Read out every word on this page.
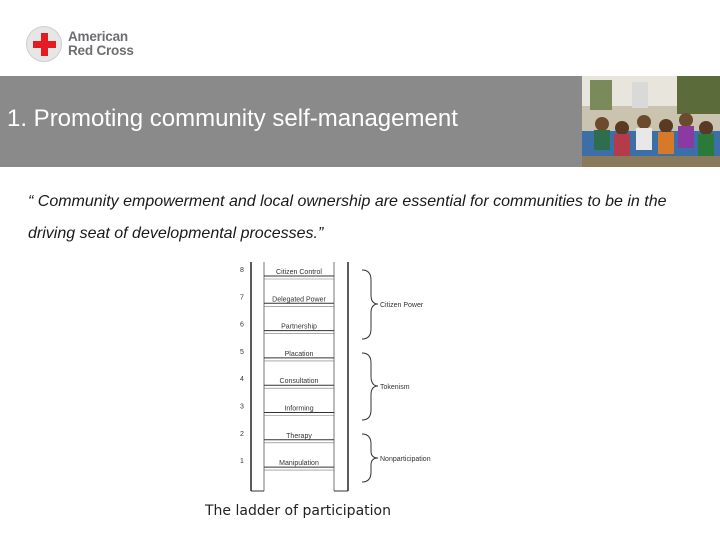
American
Red Cross
1. Promoting community self-management
“ Community empowerment and local ownership are essential for communities to be in the driving seat of developmental processes.”
8	Citizen Control
7	Delegated Power
6	Partnership
5	Placation
4	Consultation
3	Informing
2	Therapy
1	Manipulation
Citizen Power
Tokenism
Nonparticipation
The ladder of participation
